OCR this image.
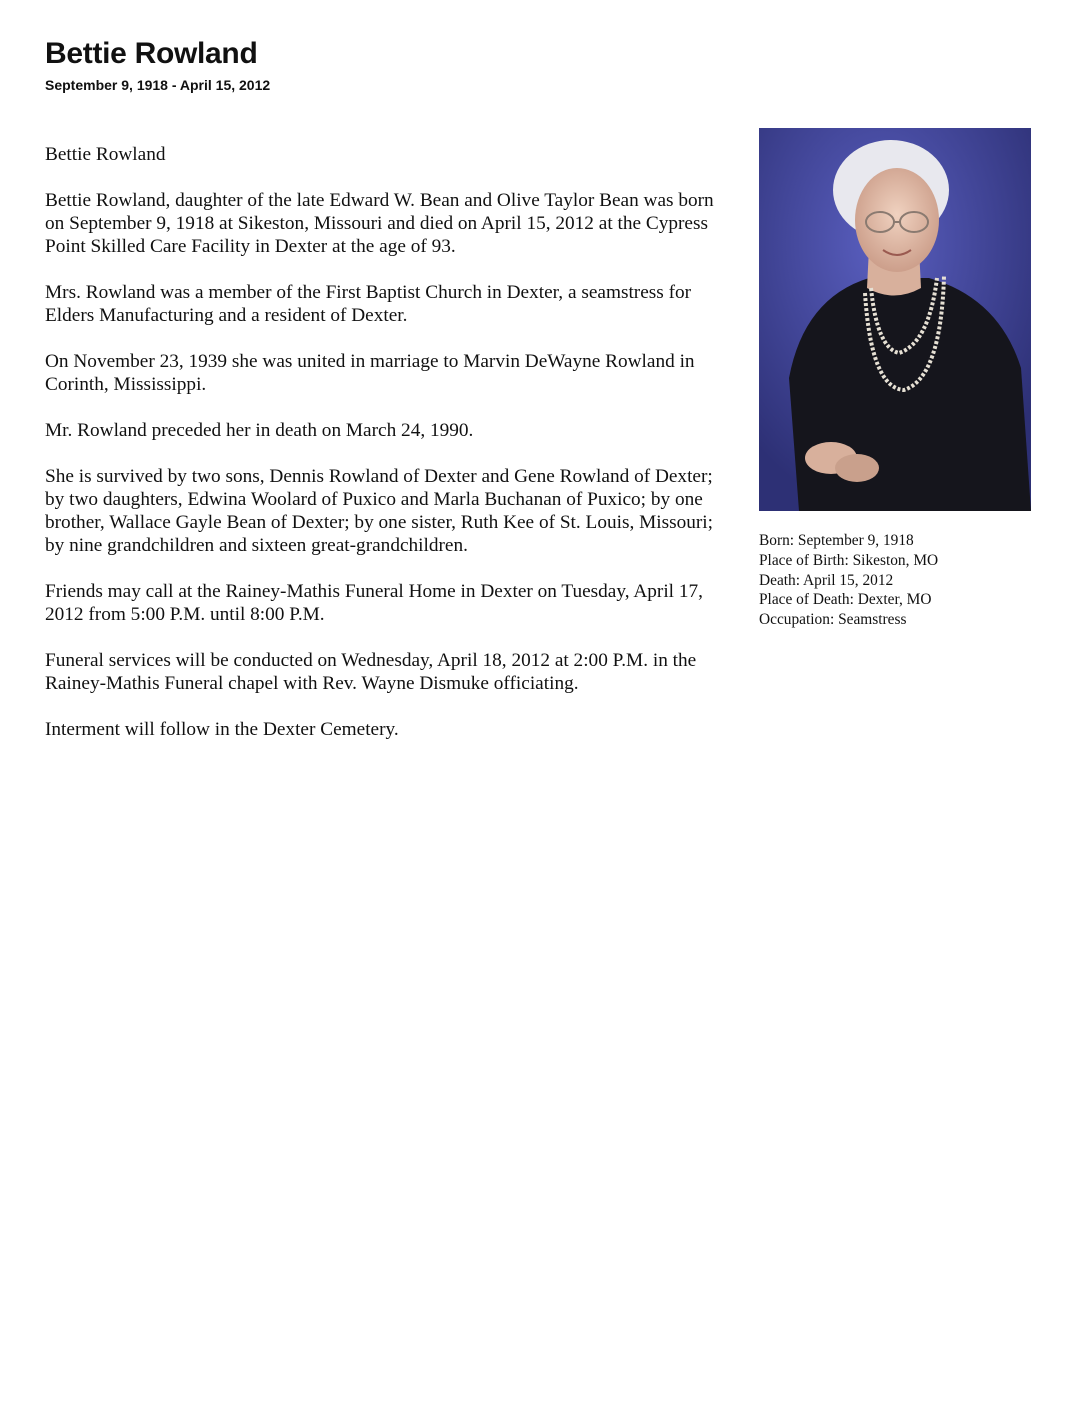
Bettie Rowland
September 9, 1918 - April 15, 2012

Bettie Rowland

Bettie Rowland, daughter of the late Edward W. Bean and Olive Taylor Bean was born on September 9, 1918 at Sikeston, Missouri and died on April 15, 2012 at the Cypress Point Skilled Care Facility in Dexter at the age of 93.

Mrs. Rowland was a member of the First Baptist Church in Dexter, a seamstress for Elders Manufacturing and a resident of Dexter.

On November 23, 1939 she was united in marriage to Marvin DeWayne Rowland in Corinth, Mississippi.

Mr. Rowland preceded her in death on March 24, 1990.

She is survived by two sons, Dennis Rowland of Dexter and Gene Rowland of Dexter; by two daughters, Edwina Woolard of Puxico and Marla Buchanan of Puxico; by one brother, Wallace Gayle Bean of Dexter; by one sister, Ruth Kee of St. Louis, Missouri; by nine grandchildren and sixteen great-grandchildren.

Friends may call at the Rainey-Mathis Funeral Home in Dexter on Tuesday, April 17, 2012 from 5:00 P.M. until 8:00 P.M.

Funeral services will be conducted on Wednesday, April 18, 2012 at 2:00 P.M. in the Rainey-Mathis Funeral chapel with Rev. Wayne Dismuke officiating.

Interment will follow in the Dexter Cemetery.

Born: September 9, 1918
Place of Birth: Sikeston, MO
Death: April 15, 2012
Place of Death: Dexter, MO
Occupation: Seamstress
